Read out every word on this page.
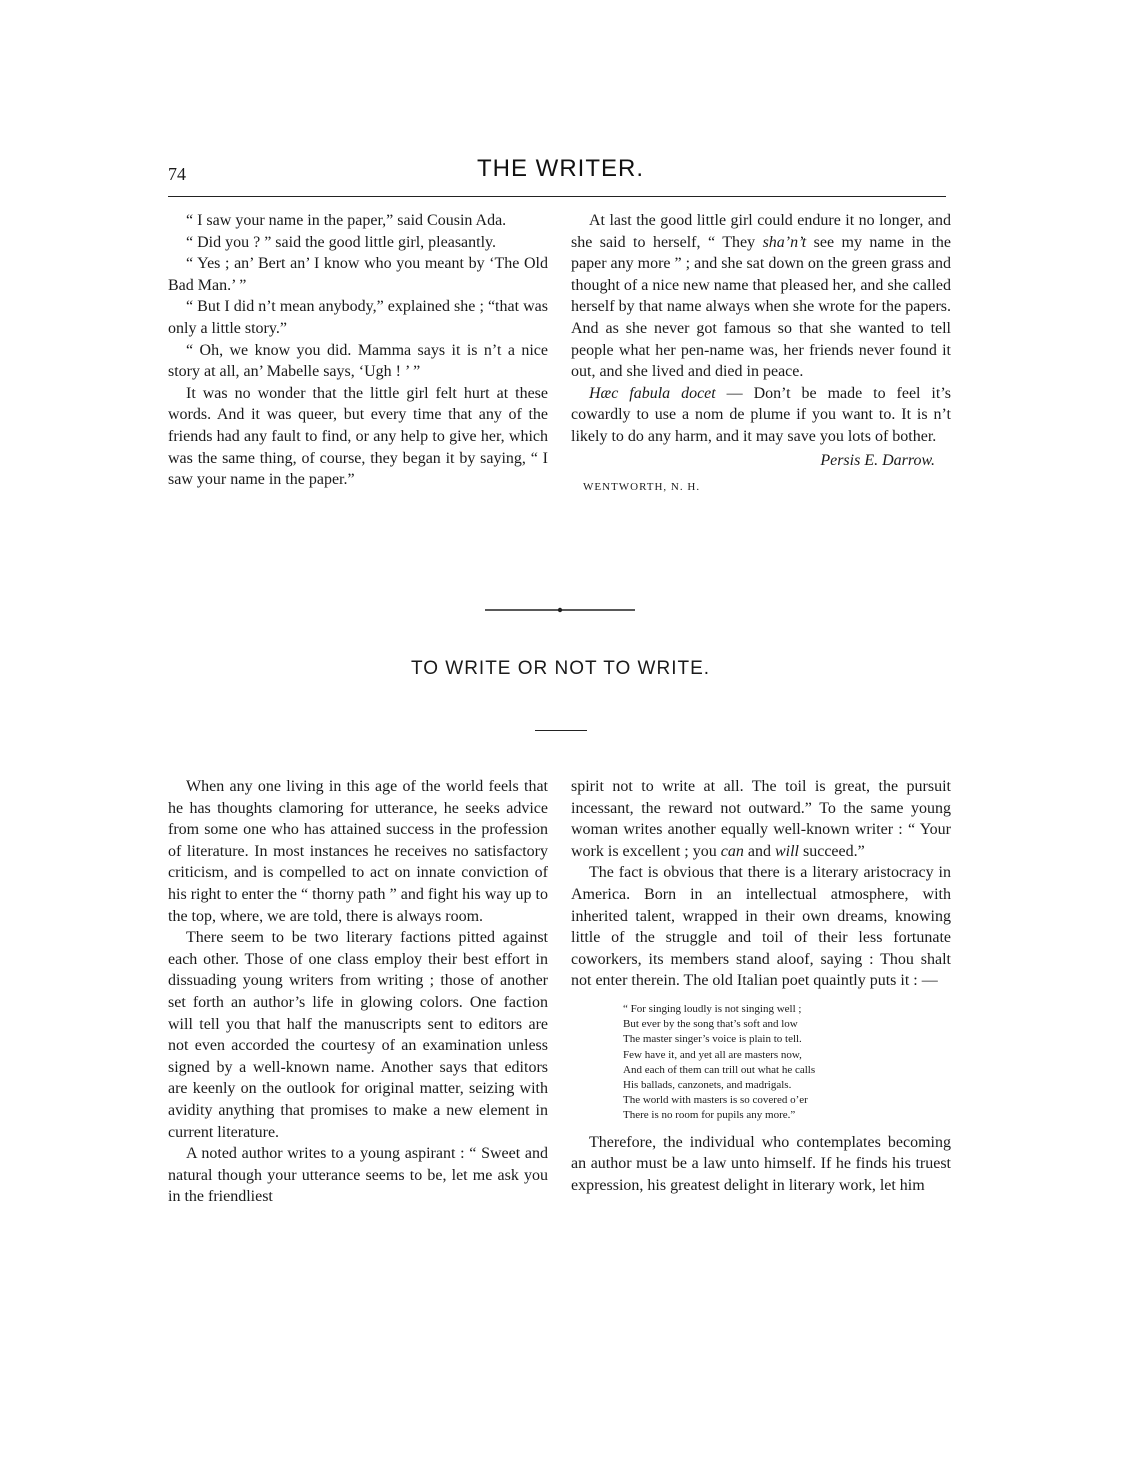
74	THE WRITER.

“ I saw your name in the paper,” said Cousin Ada.

“ Did you ? ” said the good little girl, pleasantly.

“ Yes ; an’ Bert an’ I know who you meant by ‘The Old Bad Man.’ ”

“ But I did n’t mean anybody,” explained she ; “that was only a little story.”

“ Oh, we know you did. Mamma says it is n’t a nice story at all, an’ Mabelle says, ‘Ugh ! ’ ”

It was no wonder that the little girl felt hurt at these words. And it was queer, but every time that any of the friends had any fault to find, or any help to give her, which was the same thing, of course, they began it by saying, “ I saw your name in the paper.”

At last the good little girl could endure it no longer, and she said to herself, “ They sha’n’t see my name in the paper any more ” ; and she sat down on the green grass and thought of a nice new name that pleased her, and she called herself by that name always when she wrote for the papers. And as she never got famous so that she wanted to tell people what her pen-name was, her friends never found it out, and she lived and died in peace.

Hæc fabula docet — Don’t be made to feel it’s cowardly to use a nom de plume if you want to. It is n’t likely to do any harm, and it may save you lots of bother.

Persis E. Darrow.
WENTWORTH, N. H.
TO WRITE OR NOT TO WRITE.

When any one living in this age of the world feels that he has thoughts clamoring for utterance, he seeks advice from some one who has attained success in the profession of literature. In most instances he receives no satisfactory criticism, and is compelled to act on innate conviction of his right to enter the “ thorny path ” and fight his way up to the top, where, we are told, there is always room.

There seem to be two literary factions pitted against each other. Those of one class employ their best effort in dissuading young writers from writing ; those of another set forth an author’s life in glowing colors. One faction will tell you that half the manuscripts sent to editors are not even accorded the courtesy of an examination unless signed by a well-known name. Another says that editors are keenly on the outlook for original matter, seizing with avidity anything that promises to make a new element in current literature.

A noted author writes to a young aspirant : “ Sweet and natural though your utterance seems to be, let me ask you in the friendliest

spirit not to write at all. The toil is great, the pursuit incessant, the reward not outward.” To the same young woman writes another equally well-known writer : “ Your work is excellent ; you can and will succeed.”

The fact is obvious that there is a literary aristocracy in America. Born in an intellectual atmosphere, with inherited talent, wrapped in their own dreams, knowing little of the struggle and toil of their less fortunate coworkers, its members stand aloof, saying : Thou shalt not enter therein. The old Italian poet quaintly puts it : —

“ For singing loudly is not singing well ;
But ever by the song that’s soft and low
The master singer’s voice is plain to tell.
Few have it, and yet all are masters now,
And each of them can trill out what he calls
His ballads, canzonets, and madrigals.
The world with masters is so covered o’er
There is no room for pupils any more.”

Therefore, the individual who contemplates becoming an author must be a law unto himself. If he finds his truest expression, his greatest delight in literary work, let him
